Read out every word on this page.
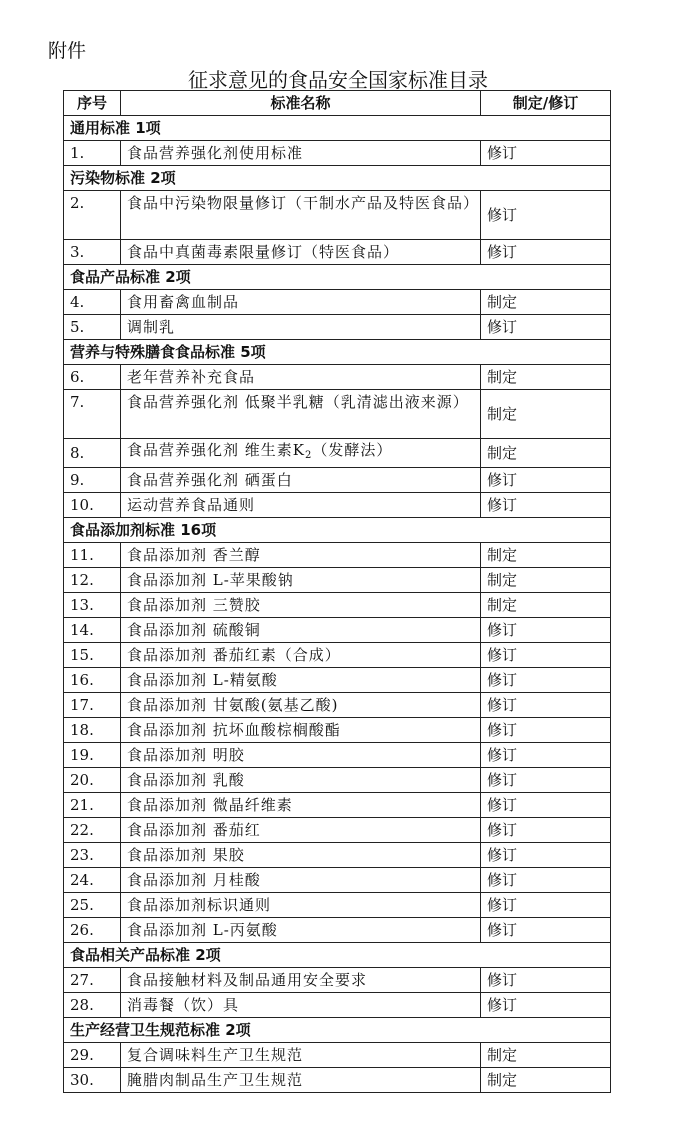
附件
征求意见的食品安全国家标准目录
序号	标准名称	制定/修订
通用标准 1项		
1.	食品营养强化剂使用标准	修订
污染物标准 2项		
2.	食品中污染物限量修订（干制水产品及特医食品）	修订
3.	食品中真菌毒素限量修订（特医食品）	修订
食品产品标准 2项		
4.	食用畜禽血制品	制定
5.	调制乳	修订
营养与特殊膳食食品标准 5项		
6.	老年营养补充食品	制定
7.	食品营养强化剂 低聚半乳糖（乳清滤出液来源）	制定
8.	食品营养强化剂 维生素$K_2$（发酵法）	制定
9.	食品营养强化剂 硒蛋白	修订
10.	运动营养食品通则	修订
食品添加剂标准 16项		
11.	食品添加剂 香兰醇	制定
12.	食品添加剂 L-苹果酸钠	制定
13.	食品添加剂 三赞胶	制定
14.	食品添加剂 硫酸铜	修订
15.	食品添加剂 番茄红素（合成）	修订
16.	食品添加剂 L-精氨酸	修订
17.	食品添加剂 甘氨酸(氨基乙酸)	修订
18.	食品添加剂 抗坏血酸棕榈酸酯	修订
19.	食品添加剂 明胶	修订
20.	食品添加剂 乳酸	修订
21.	食品添加剂 微晶纤维素	修订
22.	食品添加剂 番茄红	修订
23.	食品添加剂 果胶	修订
24.	食品添加剂 月桂酸	修订
25.	食品添加剂标识通则	修订
26.	食品添加剂 L-丙氨酸	修订
食品相关产品标准 2项		
27.	食品接触材料及制品通用安全要求	修订
28.	消毒餐（饮）具	修订
生产经营卫生规范标准 2项		
29.	复合调味料生产卫生规范	制定
30.	腌腊肉制品生产卫生规范	制定
